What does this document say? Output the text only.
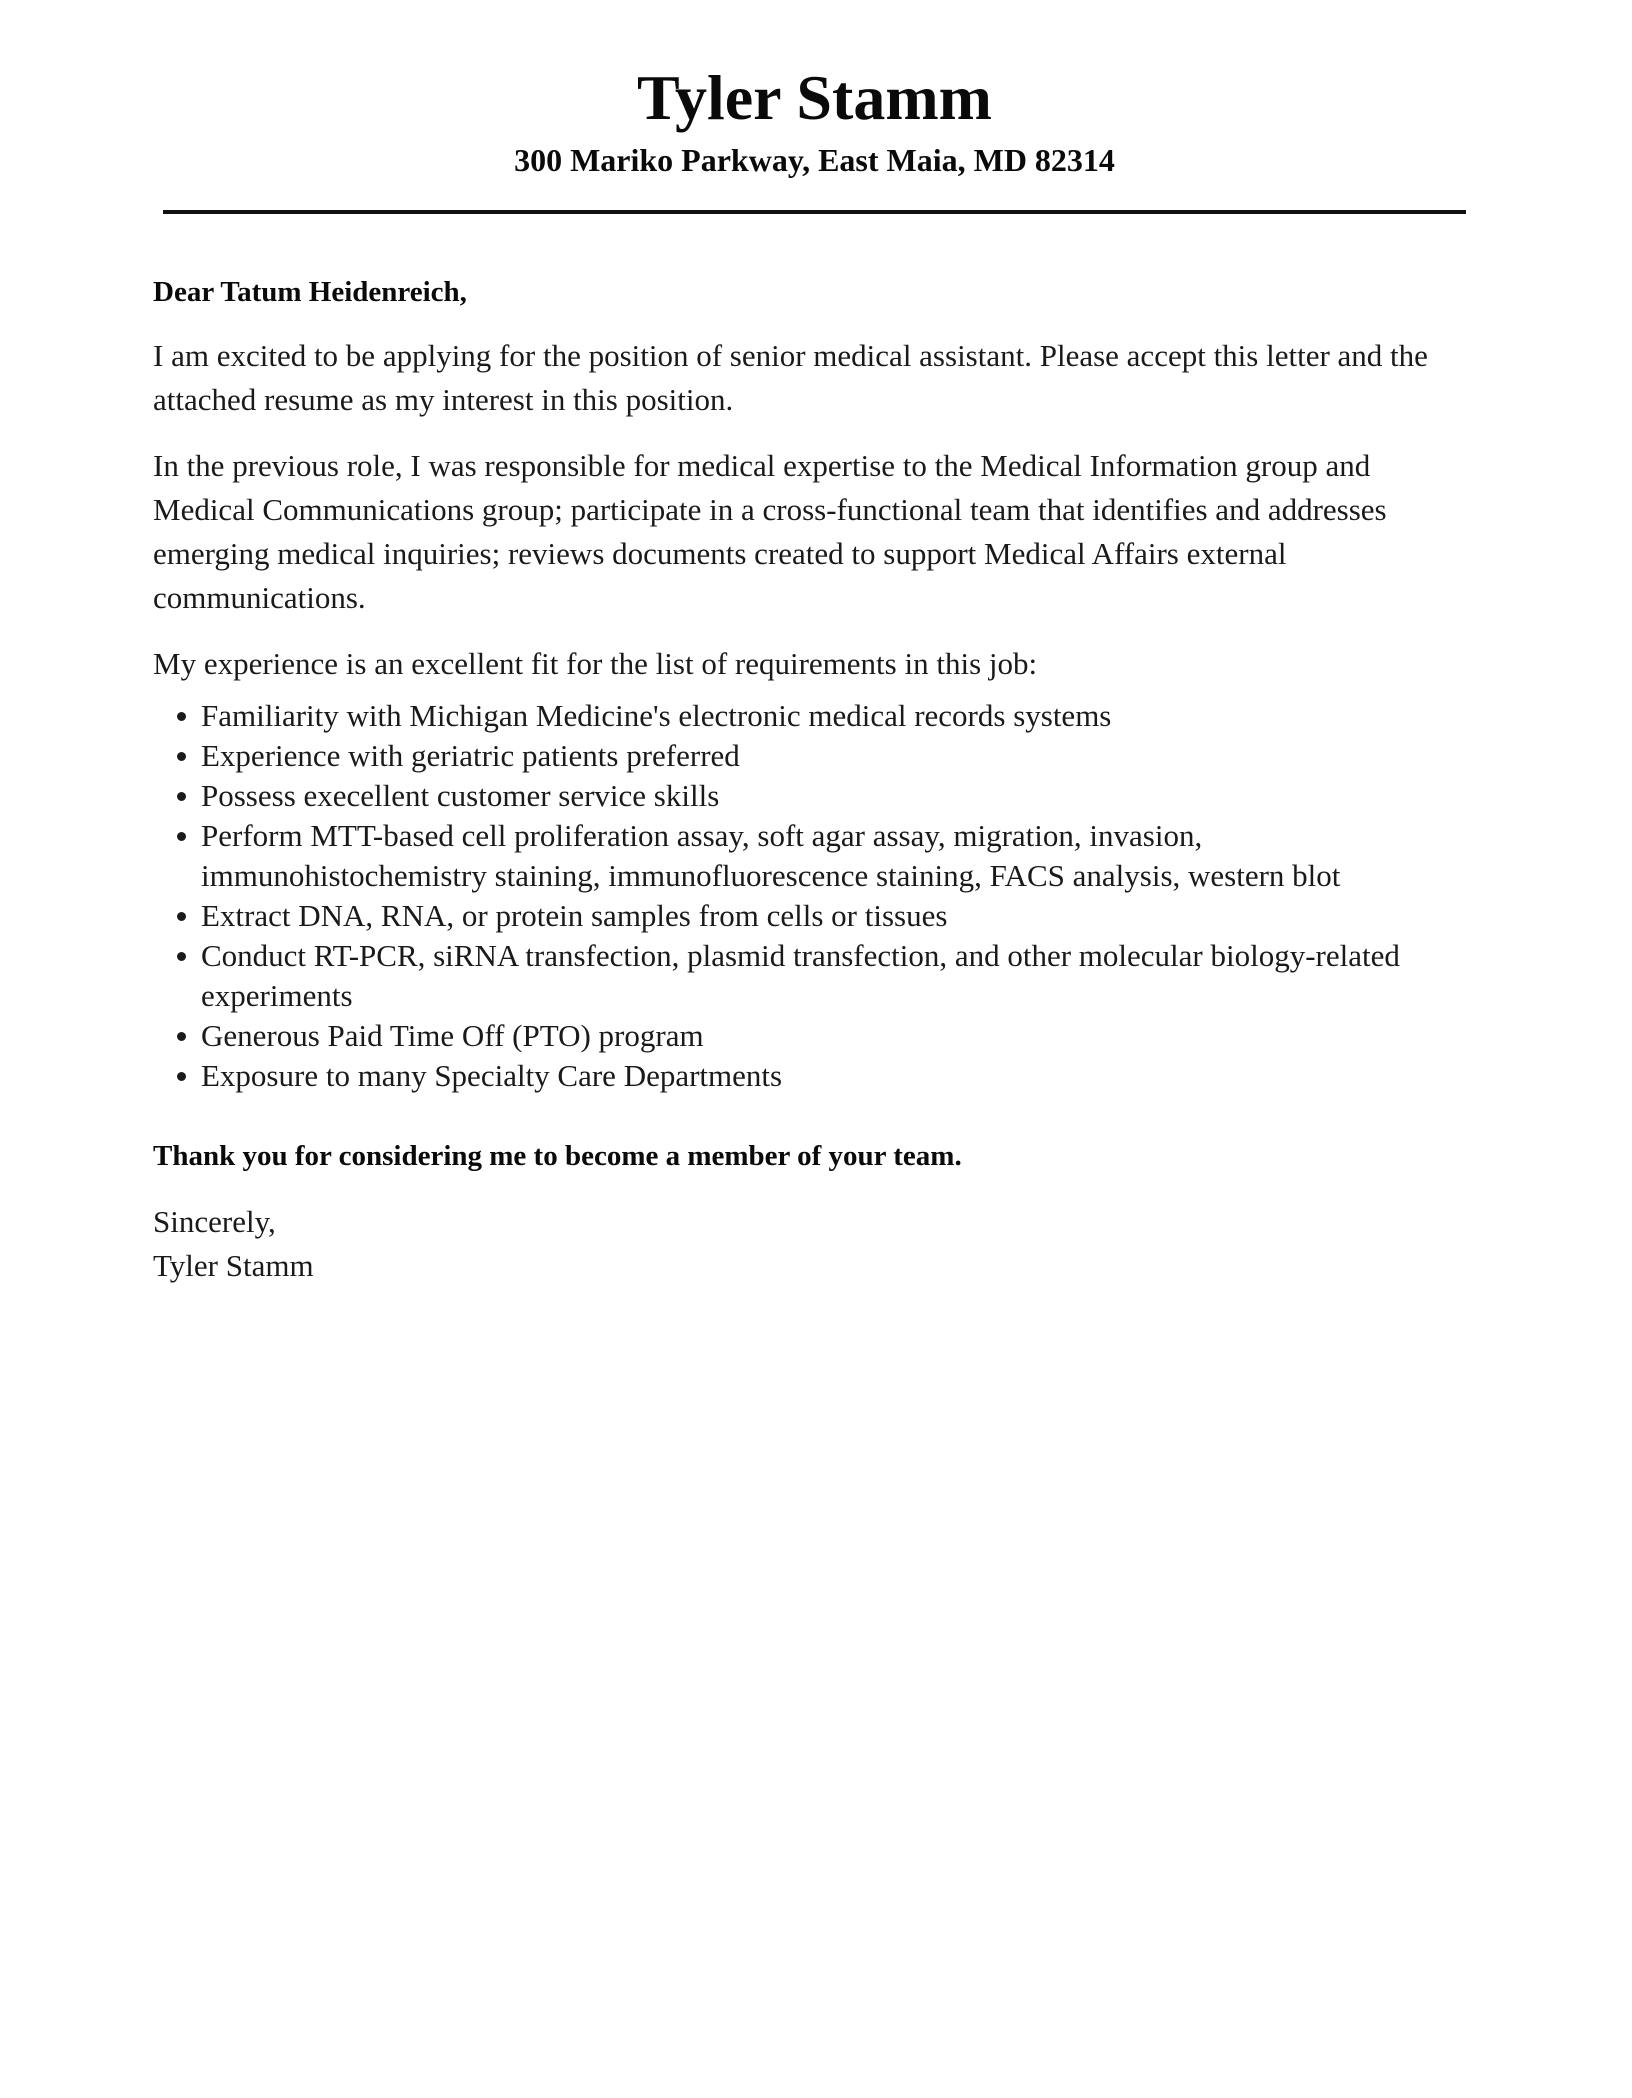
Tyler Stamm
300 Mariko Parkway, East Maia, MD 82314

Dear Tatum Heidenreich,

I am excited to be applying for the position of senior medical assistant. Please accept this letter and the attached resume as my interest in this position.

In the previous role, I was responsible for medical expertise to the Medical Information group and Medical Communications group; participate in a cross-functional team that identifies and addresses emerging medical inquiries; reviews documents created to support Medical Affairs external communications.

My experience is an excellent fit for the list of requirements in this job:

Familiarity with Michigan Medicine's electronic medical records systems
Experience with geriatric patients preferred
Possess execellent customer service skills
Perform MTT-based cell proliferation assay, soft agar assay, migration, invasion, immunohistochemistry staining, immunofluorescence staining, FACS analysis, western blot
Extract DNA, RNA, or protein samples from cells or tissues
Conduct RT-PCR, siRNA transfection, plasmid transfection, and other molecular biology-related experiments
Generous Paid Time Off (PTO) program
Exposure to many Specialty Care Departments

Thank you for considering me to become a member of your team.

Sincerely,

Tyler Stamm
